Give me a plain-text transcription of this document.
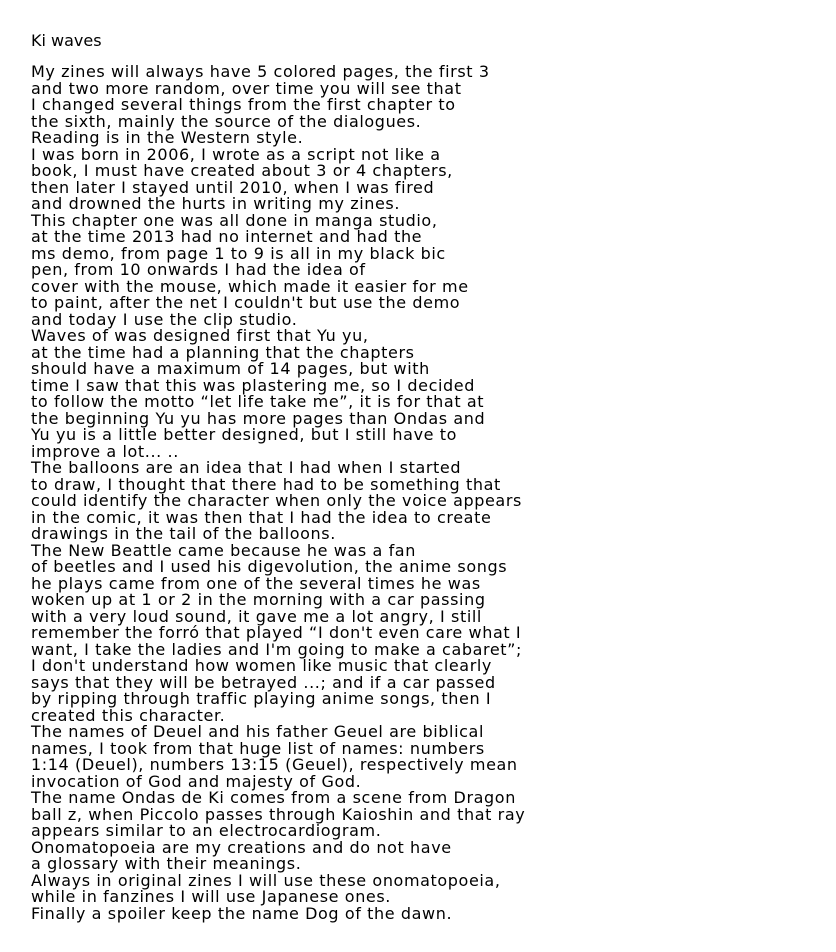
Ki waves
My zines will always have 5 colored pages, the first 3
and two more random, over time you will see that
I changed several things from the first chapter to
the sixth, mainly the source of the dialogues.
Reading is in the Western style.
I was born in 2006, I wrote as a script not like a
book, I must have created about 3 or 4 chapters,
then later I stayed until 2010, when I was fired
and drowned the hurts in writing my zines.
This chapter one was all done in manga studio,
at the time 2013 had no internet and had the
ms demo, from page 1 to 9 is all in my black bic
pen, from 10 onwards I had the idea of
cover with the mouse, which made it easier for me
to paint, after the net I couldn't but use the demo
and today I use the clip studio.
Waves of was designed first that Yu yu,
at the time had a planning that the chapters
should have a maximum of 14 pages, but with
time I saw that this was plastering me, so I decided
to follow the motto “let life take me”, it is for that at
the beginning Yu yu has more pages than Ondas and
Yu yu is a little better designed, but I still have to
improve a lot... ..
The balloons are an idea that I had when I started
to draw, I thought that there had to be something that
could identify the character when only the voice appears
in the comic, it was then that I had the idea to create
drawings in the tail of the balloons.
The New Beattle came because he was a fan
of beetles and I used his digevolution, the anime songs
he plays came from one of the several times he was
woken up at 1 or 2 in the morning with a car passing
with a very loud sound, it gave me a lot angry, I still
remember the forró that played “I don't even care what I
want, I take the ladies and I'm going to make a cabaret”;
I don't understand how women like music that clearly
says that they will be betrayed ...; and if a car passed
by ripping through traffic playing anime songs, then I
created this character.
The names of Deuel and his father Geuel are biblical
names, I took from that huge list of names: numbers
1:14 (Deuel), numbers 13:15 (Geuel), respectively mean
invocation of God and majesty of God.
The name Ondas de Ki comes from a scene from Dragon
ball z, when Piccolo passes through Kaioshin and that ray
appears similar to an electrocardiogram.
Onomatopoeia are my creations and do not have
a glossary with their meanings.
Always in original zines I will use these onomatopoeia,
while in fanzines I will use Japanese ones.
Finally a spoiler keep the name Dog of the dawn.
